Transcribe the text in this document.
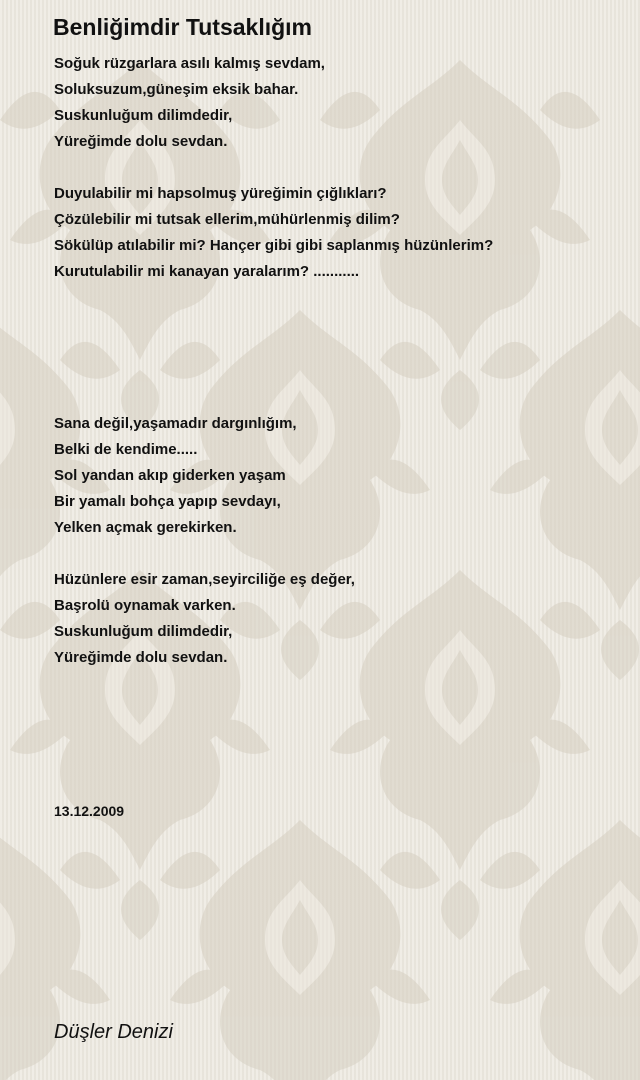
Benliğimdir Tutsaklığım
Soğuk rüzgarlara asılı kalmış sevdam,
Soluksuzum,güneşim eksik bahar.
Suskunluğum dilimdedir,
Yüreğimde dolu sevdan.
Duyulabilir mi hapsolmuş yüreğimin çığlıkları?
Çözülebilir mi tutsak ellerim,mühürlenmiş dilim?
Sökülüp atılabilir mi? Hançer gibi gibi saplanmış hüzünlerim?
Kurutulabilir mi kanayan yaralarım? ...........
Sana değil,yaşamadır dargınlığım,
Belki de kendime.....
Sol yandan akıp giderken yaşam
Bir yamalı bohça yapıp sevdayı,
Yelken açmak gerekirken.
Hüzünlere esir zaman,seyirciliğe eş değer,
Başrolü oynamak varken.
Suskunluğum dilimdedir,
Yüreğimde dolu sevdan.
13.12.2009
Düşler Denizi
